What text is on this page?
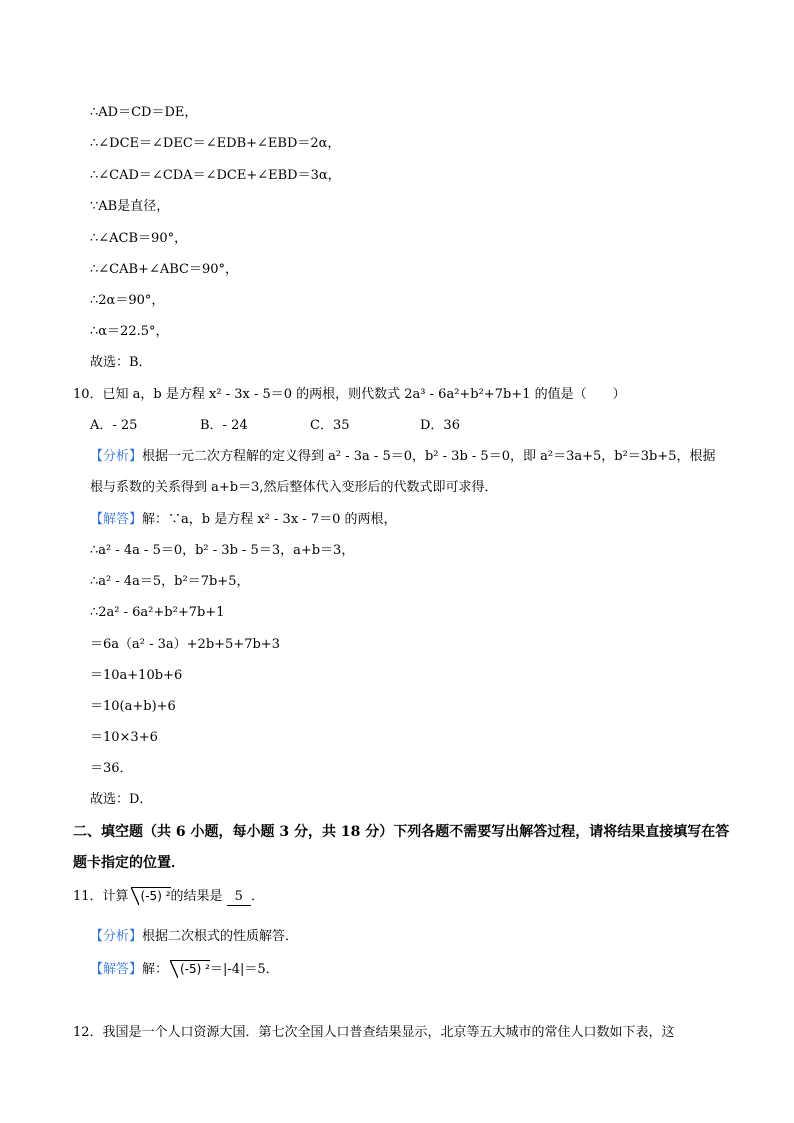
∴AD＝CD＝DE，
∴∠DCE＝∠DEC＝∠EDB+∠EBD＝2α，
∴∠CAD＝∠CDA＝∠DCE+∠EBD＝3α，
∵AB是直径，
∴∠ACB＝90°，
∴∠CAB+∠ABC＝90°，
∴2α＝90°，
∴α＝22.5°，
故选：B．
10．已知 a，b 是方程 x² - 3x - 5＝0 的两根，则代数式 2a³ - 6a²+b²+7b+1 的值是（　　）
A．- 25	B．- 24	C．35	D．36
【分析】根据一元二次方程解的定义得到 a² - 3a - 5＝0，b² - 3b - 5＝0，即 a²＝3a+5，b²＝3b+5，根据
根与系数的关系得到 a+b＝3,然后整体代入变形后的代数式即可求得．
【解答】解：∵a，b 是方程 x² - 3x - 7＝0 的两根，
∴a² - 4a - 5＝0，b² - 3b - 5＝3，a+b＝3，
∴a² - 4a＝5，b²＝7b+5，
∴2a² - 6a²+b²+7b+1
＝6a（a² - 3a）+2b+5+7b+3
＝10a+10b+6
＝10(a+b)+6
＝10×3+6
＝36．
故选：D．
二、填空题（共 6 小题，每小题 3 分，共 18 分）下列各题不需要写出解答过程，请将结果直接填写在答
题卡指定的位置．
11．计算 (-5) ²的结果是 5 ．
【分析】根据二次根式的性质解答．
【解答】解： (-5) ²＝|-4|＝5．
12．我国是一个人口资源大国．第七次全国人口普查结果显示，北京等五大城市的常住人口数如下表，这
